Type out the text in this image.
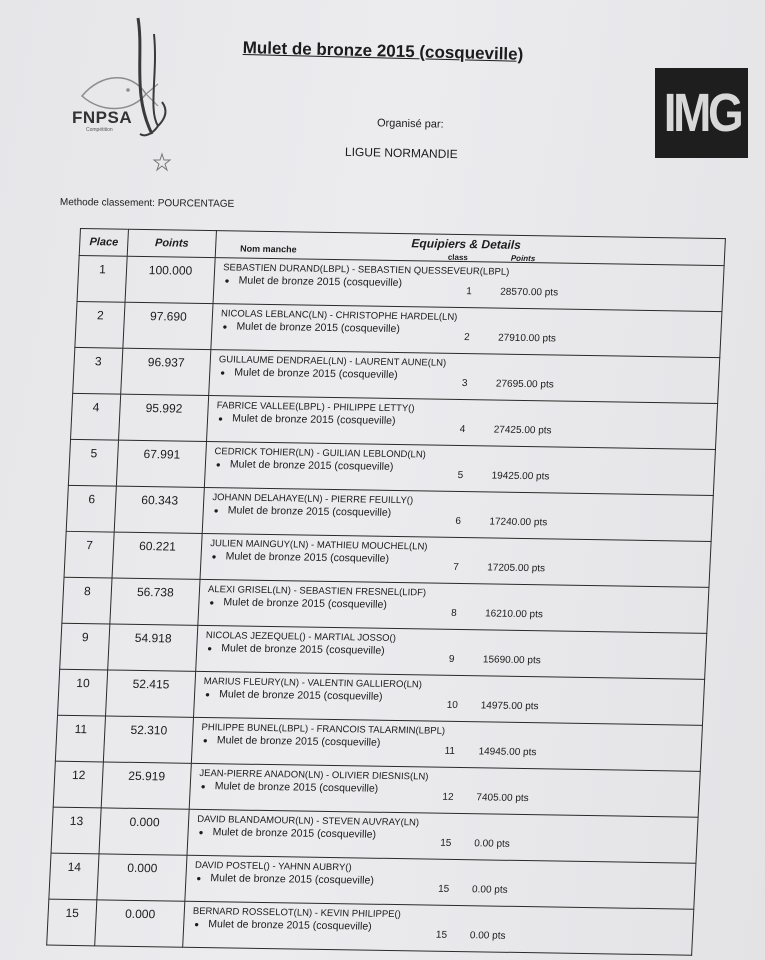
FNPSA
Compétition
Mulet de bronze 2015 (cosqueville)
Organisé par:
LIGUE NORMANDIE
Methode classement: POURCENTAGE
IMG
Place	Points	Nom manche Equipiers & Details
class Points

1	100.000	SEBASTIEN DURAND(LBPL) - SEBASTIEN QUESSEVEUR(LBPL)
● Mulet de bronze 2015 (cosqueville)
1 28570.00 pts

2	97.690	NICOLAS LEBLANC(LN) - CHRISTOPHE HARDEL(LN)
● Mulet de bronze 2015 (cosqueville)
2 27910.00 pts

3	96.937	GUILLAUME DENDRAEL(LN) - LAURENT AUNE(LN)
● Mulet de bronze 2015 (cosqueville)
3 27695.00 pts

4	95.992	FABRICE VALLEE(LBPL) - PHILIPPE LETTY()
● Mulet de bronze 2015 (cosqueville)
4 27425.00 pts

5	67.991	CEDRICK TOHIER(LN) - GUILIAN LEBLOND(LN)
● Mulet de bronze 2015 (cosqueville)
5 19425.00 pts

6	60.343	JOHANN DELAHAYE(LN) - PIERRE FEUILLY()
● Mulet de bronze 2015 (cosqueville)
6 17240.00 pts

7	60.221	JULIEN MAINGUY(LN) - MATHIEU MOUCHEL(LN)
● Mulet de bronze 2015 (cosqueville)
7 17205.00 pts

8	56.738	ALEXI GRISEL(LN) - SEBASTIEN FRESNEL(LIDF)
● Mulet de bronze 2015 (cosqueville)
8 16210.00 pts

9	54.918	NICOLAS JEZEQUEL() - MARTIAL JOSSO()
● Mulet de bronze 2015 (cosqueville)
9 15690.00 pts

10	52.415	MARIUS FLEURY(LN) - VALENTIN GALLIERO(LN)
● Mulet de bronze 2015 (cosqueville)
10 14975.00 pts

11	52.310	PHILIPPE BUNEL(LBPL) - FRANCOIS TALARMIN(LBPL)
● Mulet de bronze 2015 (cosqueville)
11 14945.00 pts

12	25.919	JEAN-PIERRE ANADON(LN) - OLIVIER DIESNIS(LN)
● Mulet de bronze 2015 (cosqueville)
12 7405.00 pts

13	0.000	DAVID BLANDAMOUR(LN) - STEVEN AUVRAY(LN)
● Mulet de bronze 2015 (cosqueville)
15 0.00 pts

14	0.000	DAVID POSTEL() - YAHNN AUBRY()
● Mulet de bronze 2015 (cosqueville)
15 0.00 pts

15	0.000	BERNARD ROSSELOT(LN) - KEVIN PHILIPPE()
● Mulet de bronze 2015 (cosqueville)
15 0.00 pts
